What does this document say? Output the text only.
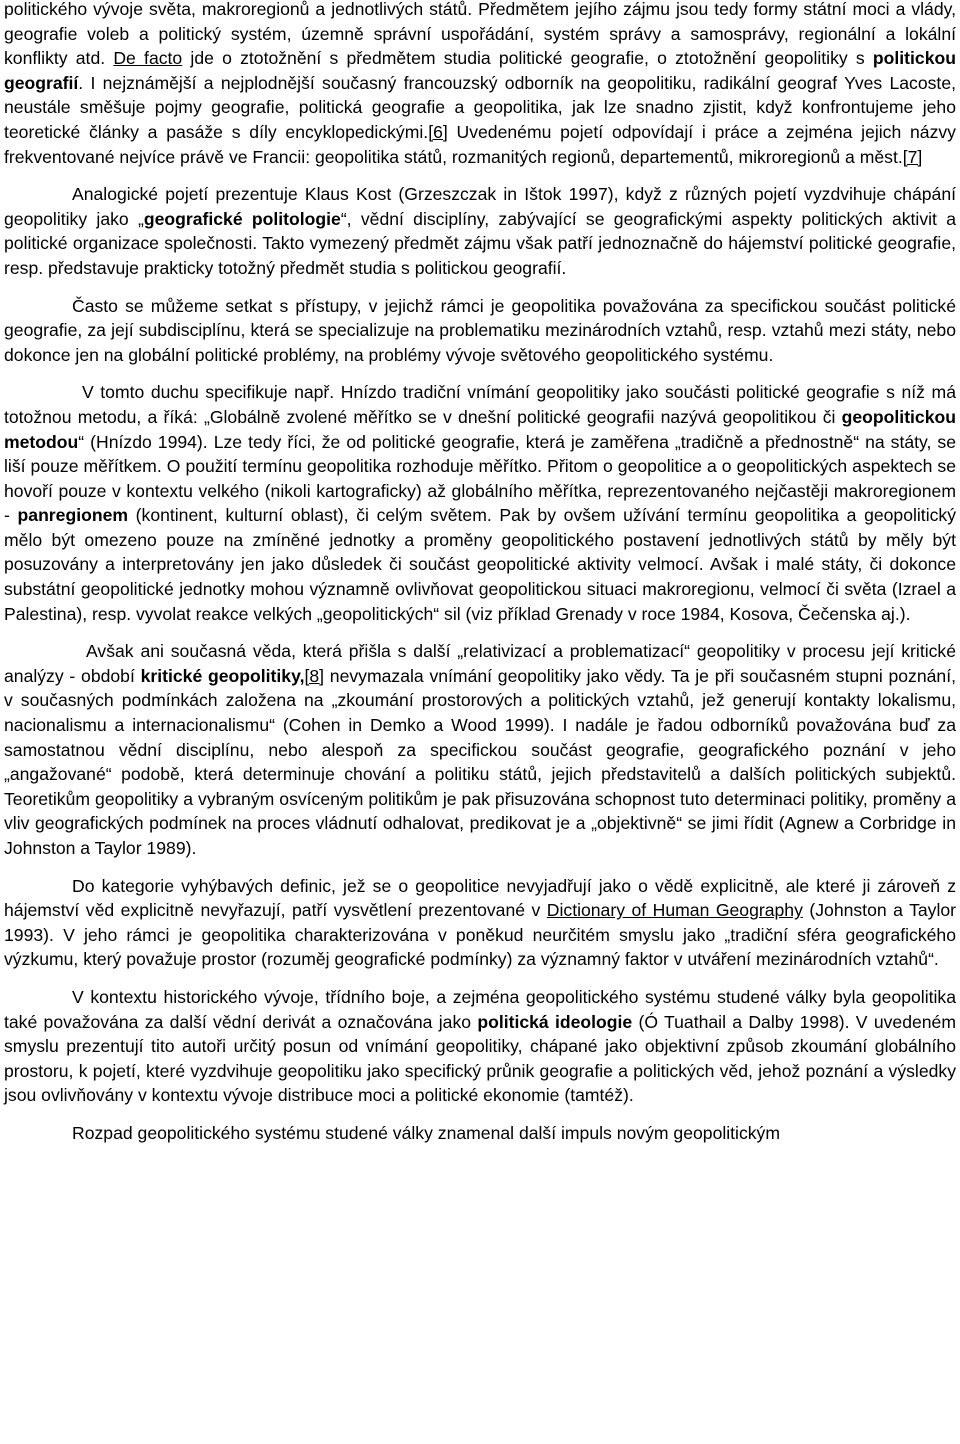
politického vývoje světa, makroregionů a jednotlivých států. Předmětem jejího zájmu jsou tedy formy státní moci a vlády, geografie voleb a politický systém, územně správní uspořádání, systém správy a samosprávy, regionální a lokální konflikty atd. De facto jde o ztotožnění s předmětem studia politické geografie, o ztotožnění geopolitiky s politickou geografií. I nejznámější a nejplodnější současný francouzský odborník na geopolitiku, radikální geograf Yves Lacoste, neustále směšuje pojmy geografie, politická geografie a geopolitika, jak lze snadno zjistit, když konfrontujeme jeho teoretické články a pasáže s díly encyklopedickými.[6] Uvedenému pojetí odpovídají i práce a zejména jejich názvy frekventované nejvíce právě ve Francii: geopolitika států, rozmanitých regionů, departementů, mikroregionů a měst.[7]

Analogické pojetí prezentuje Klaus Kost (Grzeszczak in Ištok 1997), když z různých pojetí vyzdvihuje chápání geopolitiky jako „geografické politologie“, vědní disciplíny, zabývající se geografickými aspekty politických aktivit a politické organizace společnosti. Takto vymezený předmět zájmu však patří jednoznačně do hájemství politické geografie, resp. představuje prakticky totožný předmět studia s politickou geografií.

Často se můžeme setkat s přístupy, v jejichž rámci je geopolitika považována za specifickou součást politické geografie, za její subdisciplínu, která se specializuje na problematiku mezinárodních vztahů, resp. vztahů mezi státy, nebo dokonce jen na globální politické problémy, na problémy vývoje světového geopolitického systému.

V tomto duchu specifikuje např. Hnízdo tradiční vnímání geopolitiky jako součásti politické geografie s níž má totožnou metodu, a říká: „Globálně zvolené měřítko se v dnešní politické geografii nazývá geopolitikou či geopolitickou metodou“ (Hnízdo 1994). Lze tedy říci, že od politické geografie, která je zaměřena „tradičně a přednostně“ na státy, se liší pouze měřítkem. O použití termínu geopolitika rozhoduje měřítko. Přitom o geopolitice a o geopolitických aspektech se hovoří pouze v kontextu velkého (nikoli kartograficky) až globálního měřítka, reprezentovaného nejčastěji makroregionem - panregionem (kontinent, kulturní oblast), či celým světem. Pak by ovšem užívání termínu geopolitika a geopolitický mělo být omezeno pouze na zmíněné jednotky a proměny geopolitického postavení jednotlivých států by měly být posuzovány a interpretovány jen jako důsledek či součást geopolitické aktivity velmocí. Avšak i malé státy, či dokonce substátní geopolitické jednotky mohou významně ovlivňovat geopolitickou situaci makroregionu, velmocí či světa (Izrael a Palestina), resp. vyvolat reakce velkých „geopolitických“ sil (viz příklad Grenady v roce 1984, Kosova, Čečenska aj.).

Avšak ani současná věda, která přišla s další „relativizací a problematizací“ geopolitiky v procesu její kritické analýzy - období kritické geopolitiky,[8] nevymazala vnímání geopolitiky jako vědy. Ta je při současném stupni poznání, v současných podmínkách založena na „zkoumání prostorových a politických vztahů, jež generují kontakty lokalismu, nacionalismu a internacionalismu“ (Cohen in Demko a Wood 1999). I nadále je řadou odborníků považována buď za samostatnou vědní disciplínu, nebo alespoň za specifickou součást geografie, geografického poznání v jeho „angažované“ podobě, která determinuje chování a politiku států, jejich představitelů a dalších politických subjektů. Teoretikům geopolitiky a vybraným osvíceným politikům je pak přisuzována schopnost tuto determinaci politiky, proměny a vliv geografických podmínek na proces vládnutí odhalovat, predikovat je a „objektivně“ se jimi řídit (Agnew a Corbridge in Johnston a Taylor 1989).

Do kategorie vyhýbavých definic, jež se o geopolitice nevyjadřují jako o vědě explicitně, ale které ji zároveň z hájemství věd explicitně nevyřazují, patří vysvětlení prezentované v Dictionary of Human Geography (Johnston a Taylor 1993). V jeho rámci je geopolitika charakterizována v poněkud neurčitém smyslu jako „tradiční sféra geografického výzkumu, který považuje prostor (rozuměj geografické podmínky) za významný faktor v utváření mezinárodních vztahů“.

V kontextu historického vývoje, třídního boje, a zejména geopolitického systému studené války byla geopolitika také považována za další vědní derivát a označována jako politická ideologie (Ó Tuathail a Dalby 1998). V uvedeném smyslu prezentují tito autoři určitý posun od vnímání geopolitiky, chápané jako objektivní způsob zkoumání globálního prostoru, k pojetí, které vyzdvihuje geopolitiku jako specifický průnik geografie a politických věd, jehož poznání a výsledky jsou ovlivňovány v kontextu vývoje distribuce moci a politické ekonomie (tamtéž).

Rozpad geopolitického systému studené války znamenal další impuls novým geopolitickým
